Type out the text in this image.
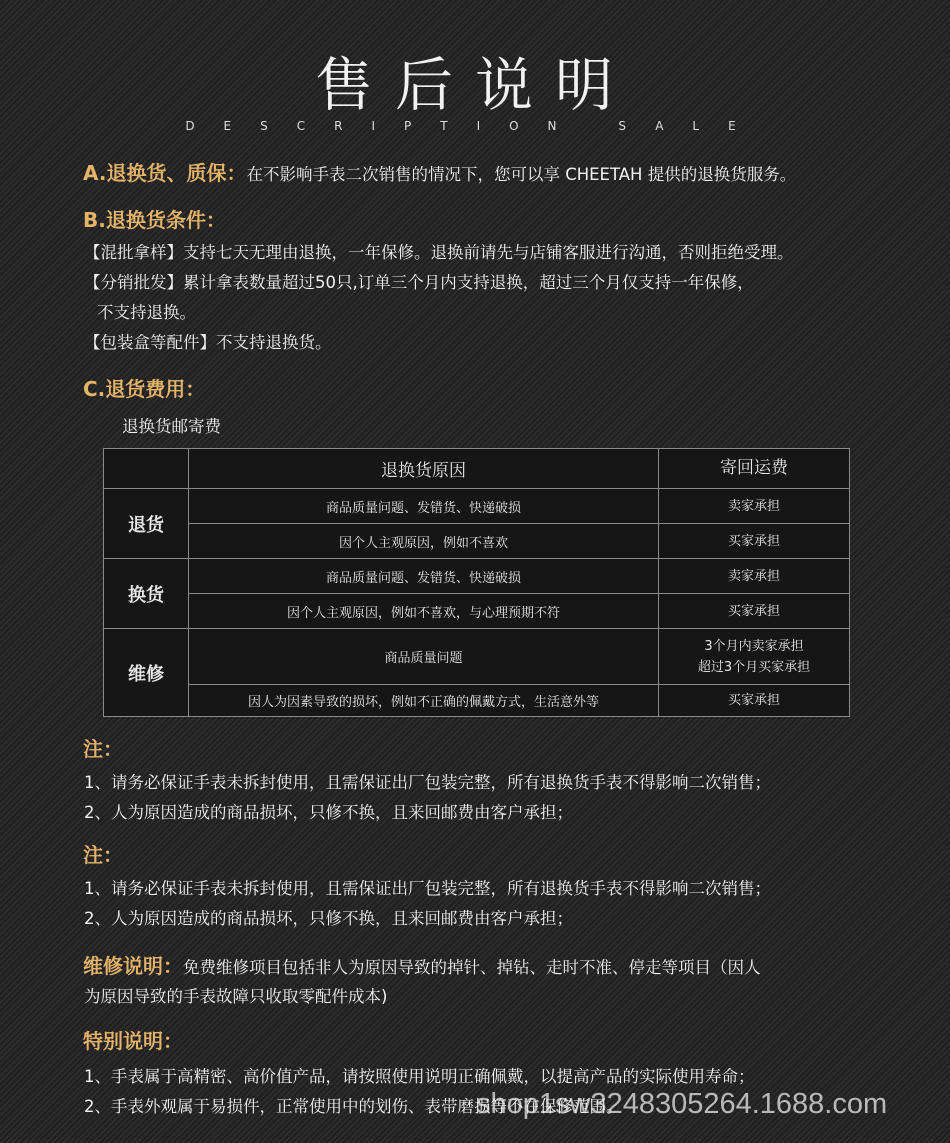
售后说明
DESCRIPTION SALE
A.退换货、质保：在不影响手表二次销售的情况下，您可以享 CHEETAH 提供的退换货服务。
B.退换货条件：
【混批拿样】支持七天无理由退换，一年保修。退换前请先与店铺客服进行沟通，否则拒绝受理。
【分销批发】累计拿表数量超过50只,订单三个月内支持退换，超过三个月仅支持一年保修，
不支持退换。
【包装盒等配件】不支持退换货。
C.退货费用：
退换货邮寄费
	退换货原因	寄回运费
退货	商品质量问题、发错货、快递破损	卖家承担
	因个人主观原因，例如不喜欢	买家承担
换货	商品质量问题、发错货、快递破损	卖家承担
	因个人主观原因，例如不喜欢，与心理预期不符	买家承担
维修	商品质量问题	3个月内卖家承担
超过3个月买家承担

	因人为因素导致的损坏，例如不正确的佩戴方式，生活意外等	买家承担
注：
1、请务必保证手表未拆封使用，且需保证出厂包装完整，所有退换货手表不得影响二次销售；
2、人为原因造成的商品损坏，只修不换，且来回邮费由客户承担；
注：
1、请务必保证手表未拆封使用，且需保证出厂包装完整，所有退换货手表不得影响二次销售；
2、人为原因造成的商品损坏，只修不换，且来回邮费由客户承担；
维修说明：免费维修项目包括非人为原因导致的掉针、掉钻、走时不准、停走等项目（因人
为原因导致的手表故障只收取零配件成本)
特别说明：
1、手表属于高精密、高价值产品，请按照使用说明正确佩戴，以提高产品的实际使用寿命；
2、手表外观属于易损件，正常使用中的划伤、表带磨损等不在保修范围。
shop1sw3248305264.1688.com
